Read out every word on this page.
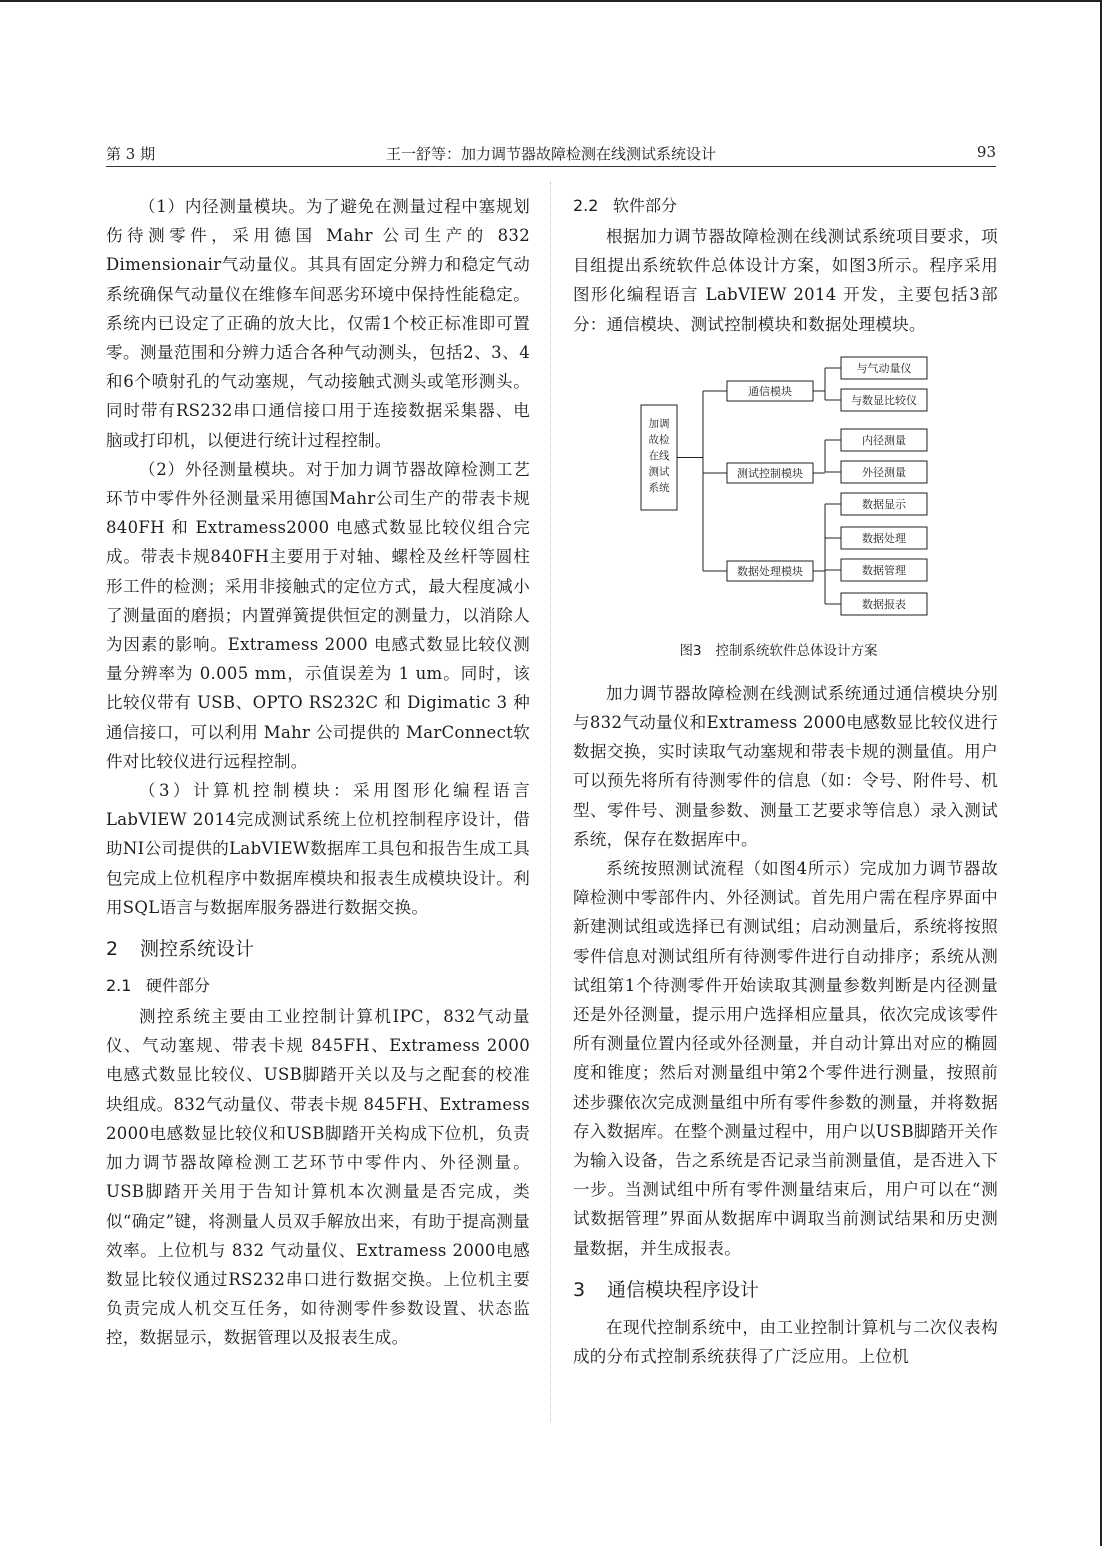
第 3 期	王一舒等：加力调节器故障检测在线测试系统设计	93

（1）内径测量模块。为了避免在测量过程中塞规划伤待测零件，采用德国 Mahr 公司生产的 832 Dimensionair气动量仪。其具有固定分辨力和稳定气动系统确保气动量仪在维修车间恶劣环境中保持性能稳定。系统内已设定了正确的放大比，仅需1个校正标准即可置零。测量范围和分辨力适合各种气动测头，包括2、3、4和6个喷射孔的气动塞规，气动接触式测头或笔形测头。同时带有RS232串口通信接口用于连接数据采集器、电脑或打印机，以便进行统计过程控制。

（2）外径测量模块。对于加力调节器故障检测工艺环节中零件外径测量采用德国Mahr公司生产的带表卡规 840FH 和 Extramess2000 电感式数显比较仪组合完成。带表卡规840FH主要用于对轴、螺栓及丝杆等圆柱形工件的检测；采用非接触式的定位方式，最大程度减小了测量面的磨损；内置弹簧提供恒定的测量力，以消除人为因素的影响。Extramess 2000 电感式数显比较仪测量分辨率为 0.005 mm，示值误差为 1 um。同时，该比较仪带有 USB、OPTO RS232C 和 Digimatic 3 种通信接口，可以利用 Mahr 公司提供的 MarConnect软件对比较仪进行远程控制。

（3）计算机控制模块：采用图形化编程语言 LabVIEW 2014完成测试系统上位机控制程序设计，借助NI公司提供的LabVIEW数据库工具包和报告生成工具包完成上位机程序中数据库模块和报表生成模块设计。利用SQL语言与数据库服务器进行数据交换。

2 测控系统设计
2.1 硬件部分

测控系统主要由工业控制计算机IPC，832气动量仪、气动塞规、带表卡规 845FH、Extramess 2000 电感式数显比较仪、USB脚踏开关以及与之配套的校准块组成。832气动量仪、带表卡规 845FH、Extramess 2000电感数显比较仪和USB脚踏开关构成下位机，负责加力调节器故障检测工艺环节中零件内、外径测量。USB脚踏开关用于告知计算机本次测量是否完成，类似“确定”键，将测量人员双手解放出来，有助于提高测量效率。上位机与 832 气动量仪、Extramess 2000电感数显比较仪通过RS232串口进行数据交换。上位机主要负责完成人机交互任务，如待测零件参数设置、状态监控，数据显示，数据管理以及报表生成。

2.2 软件部分

根据加力调节器故障检测在线测试系统项目要求，项目组提出系统软件总体设计方案，如图3所示。程序采用图形化编程语言 LabVIEW 2014 开发，主要包括3部分：通信模块、测试控制模块和数据处理模块。

加调
故检
在线
测试
系统
通信模块
与气动量仪
与数显比较仪
测试控制模块
内径测量
外径测量
数据处理模块
数据显示
数据处理
数据管理
数据报表
图3 控制系统软件总体设计方案

加力调节器故障检测在线测试系统通过通信模块分别与832气动量仪和Extramess 2000电感数显比较仪进行数据交换，实时读取气动塞规和带表卡规的测量值。用户可以预先将所有待测零件的信息（如：令号、附件号、机型、零件号、测量参数、测量工艺要求等信息）录入测试系统，保存在数据库中。

系统按照测试流程（如图4所示）完成加力调节器故障检测中零部件内、外径测试。首先用户需在程序界面中新建测试组或选择已有测试组；启动测量后，系统将按照零件信息对测试组所有待测零件进行自动排序；系统从测试组第1个待测零件开始读取其测量参数判断是内径测量还是外径测量，提示用户选择相应量具，依次完成该零件所有测量位置内径或外径测量，并自动计算出对应的椭圆度和锥度；然后对测量组中第2个零件进行测量，按照前述步骤依次完成测量组中所有零件参数的测量，并将数据存入数据库。在整个测量过程中，用户以USB脚踏开关作为输入设备，告之系统是否记录当前测量值，是否进入下一步。当测试组中所有零件测量结束后，用户可以在“测试数据管理”界面从数据库中调取当前测试结果和历史测量数据，并生成报表。

3 通信模块程序设计

在现代控制系统中，由工业控制计算机与二次仪表构成的分布式控制系统获得了广泛应用。上位机
